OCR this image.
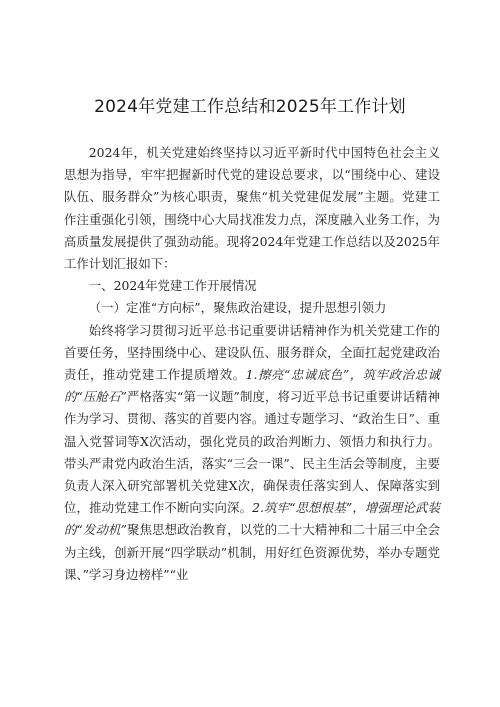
2024年党建工作总结和2025年工作计划

2024年，机关党建始终坚持以习近平新时代中国特色社会主义思想为指导，牢牢把握新时代党的建设总要求，以“围绕中心、建设队伍、服务群众”为核心职责，聚焦“机关党建促发展”主题。党建工作注重强化引领，围绕中心大局找准发力点，深度融入业务工作，为高质量发展提供了强劲动能。现将2024年党建工作总结以及2025年工作计划汇报如下：

一、2024年党建工作开展情况

（一）定准“方向标”，聚焦政治建设，提升思想引领力

始终将学习贯彻习近平总书记重要讲话精神作为机关党建工作的首要任务，坚持围绕中心、建设队伍、服务群众，全面扛起党建政治责任，推动党建工作提质增效。1.擦亮“忠诚底色”，筑牢政治忠诚的“压舱石”严格落实“第一议题”制度，将习近平总书记重要讲话精神作为学习、贯彻、落实的首要内容。通过专题学习、“政治生日”、重温入党誓词等X次活动，强化党员的政治判断力、领悟力和执行力。带头严肃党内政治生活，落实“三会一课”、民主生活会等制度，主要负责人深入研究部署机关党建X次，确保责任落实到人、保障落实到位，推动党建工作不断向实向深。2.筑牢“思想根基”，增强理论武装的“发动机”聚焦思想政治教育，以党的二十大精神和二十届三中全会为主线，创新开展“四学联动”机制，用好红色资源优势，举办专题党课、”学习身边榜样”“业
